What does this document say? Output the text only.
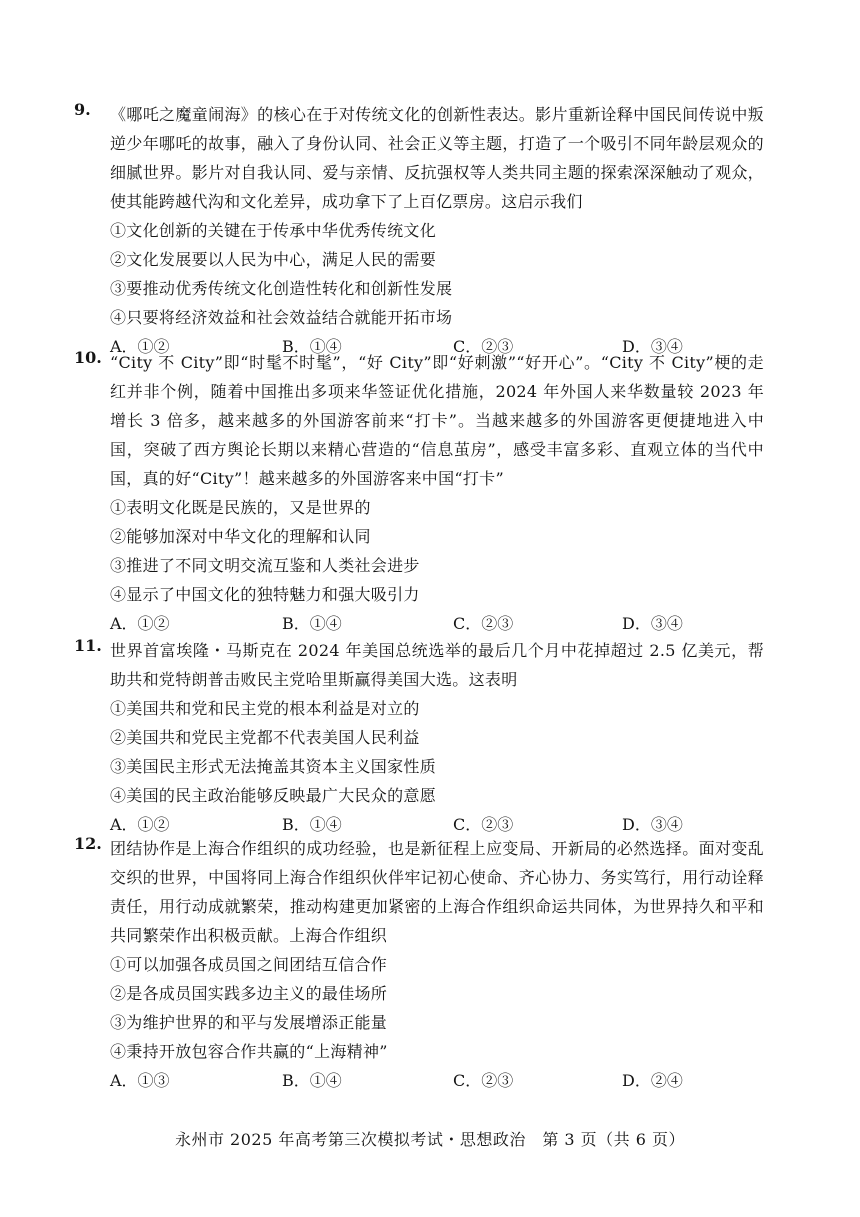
9. 《哪吒之魔童闹海》的核心在于对传统文化的创新性表达。影片重新诠释中国民间传说中叛逆少年哪吒的故事，融入了身份认同、社会正义等主题，打造了一个吸引不同年龄层观众的细腻世界。影片对自我认同、爱与亲情、反抗强权等人类共同主题的探索深深触动了观众，使其能跨越代沟和文化差异，成功拿下了上百亿票房。这启示我们
①文化创新的关键在于传承中华优秀传统文化
②文化发展要以人民为中心，满足人民的需要
③要推动优秀传统文化创造性转化和创新性发展
④只要将经济效益和社会效益结合就能开拓市场
A．①②	B．①④	C．②③	D．③④
10. “City 不 City”即“时髦不时髦”，“好 City”即“好刺激”“好开心”。“City 不 City”梗的走红并非个例，随着中国推出多项来华签证优化措施，2024 年外国人来华数量较 2023 年增长 3 倍多，越来越多的外国游客前来“打卡”。当越来越多的外国游客更便捷地进入中国，突破了西方舆论长期以来精心营造的“信息茧房”，感受丰富多彩、直观立体的当代中国，真的好“City”！越来越多的外国游客来中国“打卡”
①表明文化既是民族的，又是世界的
②能够加深对中华文化的理解和认同
③推进了不同文明交流互鉴和人类社会进步
④显示了中国文化的独特魅力和强大吸引力
A．①②	B．①④	C．②③	D．③④
11. 世界首富埃隆・马斯克在 2024 年美国总统选举的最后几个月中花掉超过 2.5 亿美元，帮助共和党特朗普击败民主党哈里斯赢得美国大选。这表明
①美国共和党和民主党的根本利益是对立的
②美国共和党民主党都不代表美国人民利益
③美国民主形式无法掩盖其资本主义国家性质
④美国的民主政治能够反映最广大民众的意愿
A．①②	B．①④	C．②③	D．③④
12. 团结协作是上海合作组织的成功经验，也是新征程上应变局、开新局的必然选择。面对变乱交织的世界，中国将同上海合作组织伙伴牢记初心使命、齐心协力、务实笃行，用行动诠释责任，用行动成就繁荣，推动构建更加紧密的上海合作组织命运共同体，为世界持久和平和共同繁荣作出积极贡献。上海合作组织
①可以加强各成员国之间团结互信合作
②是各成员国实践多边主义的最佳场所
③为维护世界的和平与发展增添正能量
④秉持开放包容合作共赢的“上海精神”
A．①③	B．①④	C．②③	D．②④
永州市 2025 年高考第三次模拟考试・思想政治　第 3 页（共 6 页）
